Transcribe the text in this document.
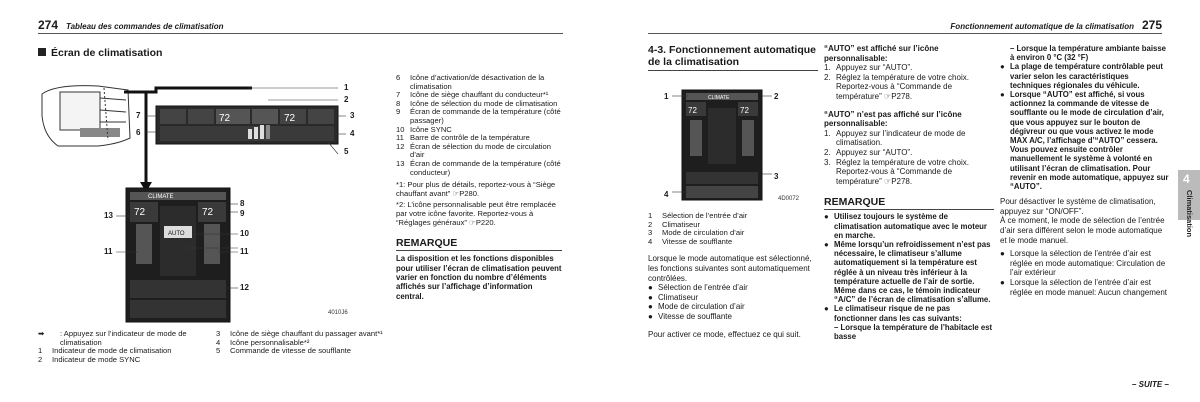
274 Tableau des commandes de climatisation
Écran de climatisation
72	72
CLIMATE
72	72
AUTO
4010J6
1
2
3
4
5
6
7
8
9
10
11	11
12
13
6	Icône d’activation/de désactivation de la climatisation
7	Icône de siège chauffant du conducteur*¹
8	Icône de sélection du mode de climatisation
9	Écran de commande de la température (côté passager)
10 Icône SYNC
11 Barre de contrôle de la température
12 Écran de sélection du mode de circulation d’air
13 Écran de commande de la température (côté conducteur)
*1: Pour plus de détails, reportez-vous à “Siège chauffant avant” ☞P280.
*2: L’icône personnalisable peut être remplacée par votre icône favorite. Reportez-vous à “Réglages généraux” ☞P220.
REMARQUE
La disposition et les fonctions disponibles pour utiliser l’écran de climatisation peuvent varier en fonction du nombre d’éléments affichés sur l’affichage d’information central.
➡	: Appuyez sur l’indicateur de mode de climatisation
1	Indicateur de mode de climatisation
2	Indicateur de mode SYNC
3	Icône de siège chauffant du passager avant*¹
4	Icône personnalisable*²
5	Commande de vitesse de soufflante
Fonctionnement automatique de la climatisation 275
4-3. Fonctionnement automatique de la climatisation
4D0072
CLIMATE
72	72
1	2
3
4
1	Sélection de l’entrée d’air
2	Climatiseur
3	Mode de circulation d’air
4	Vitesse de soufflante
Lorsque le mode automatique est sélectionné, les fonctions suivantes sont automatiquement contrôlées.
● Sélection de l’entrée d’air
● Climatiseur
● Mode de circulation d’air
● Vitesse de soufflante
Pour activer ce mode, effectuez ce qui suit.
“AUTO” est affiché sur l’icône personnalisable:
1. Appuyez sur “AUTO”.
2. Réglez la température de votre choix. Reportez-vous à “Commande de température” ☞P278.
“AUTO” n’est pas affiché sur l’icône personnalisable:
1. Appuyez sur l’indicateur de mode de climatisation.
2. Appuyez sur “AUTO”.
3. Réglez la température de votre choix. Reportez-vous à “Commande de température” ☞P278.
REMARQUE
● Utilisez toujours le système de climatisation automatique avec le moteur en marche.
● Même lorsqu’un refroidissement n’est pas nécessaire, le climatiseur s’allume automatiquement si la température est réglée à un niveau très inférieur à la température actuelle de l’air de sortie. Même dans ce cas, le témoin indicateur “A/C” de l’écran de climatisation s’allume.
● Le climatiseur risque de ne pas fonctionner dans les cas suivants:
– Lorsque la température de l’habitacle est basse
– Lorsque la température ambiante baisse à environ 0 °C (32 °F)
● La plage de température contrôlable peut varier selon les caractéristiques techniques régionales du véhicule.
● Lorsque “AUTO” est affiché, si vous actionnez la commande de vitesse de soufflante ou le mode de circulation d’air, que vous appuyez sur le bouton de dégivreur ou que vous activez le mode MAX A/C, l’affichage d’“AUTO” cessera. Vous pouvez ensuite contrôler manuellement le système à volonté en utilisant l’écran de climatisation. Pour revenir en mode automatique, appuyez sur “AUTO”.
Pour désactiver le système de climatisation, appuyez sur “ON/OFF”.
À ce moment, le mode de sélection de l’entrée d’air sera différent selon le mode automatique et le mode manuel.
● Lorsque la sélection de l’entrée d’air est réglée en mode automatique: Circulation de l’air extérieur
● Lorsque la sélection de l’entrée d’air est réglée en mode manuel: Aucun changement
– SUITE –
4
Climatisation
